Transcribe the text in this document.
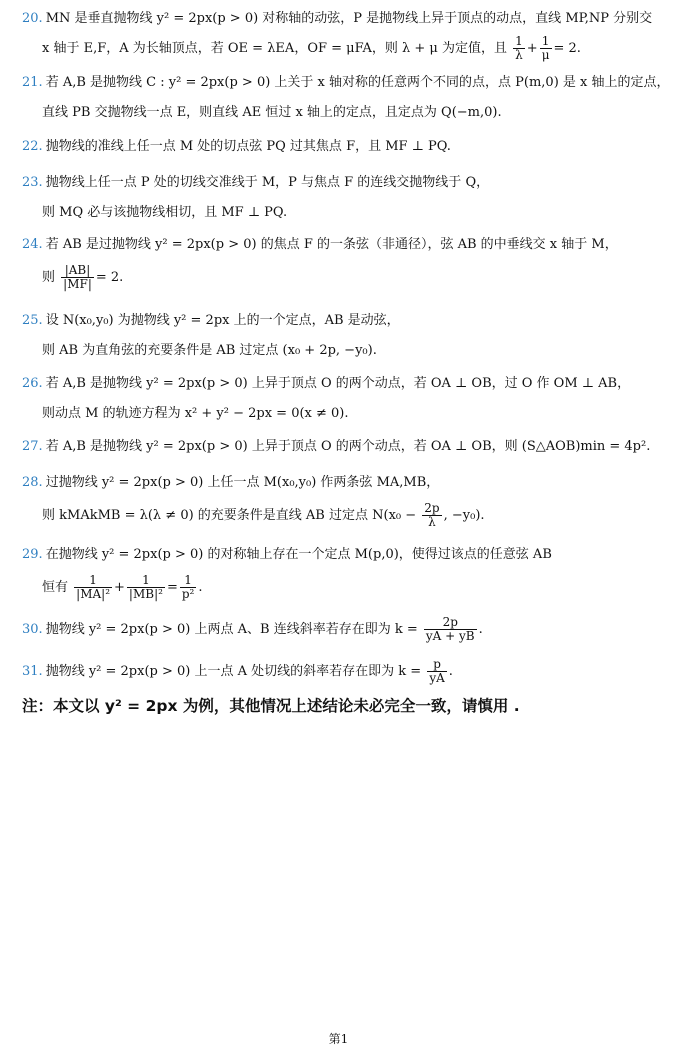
20. MN 是垂直抛物线 y² = 2px(p > 0) 对称轴的动弦，P 是抛物线上异于顶点的动点，直线 MP,NP 分别交
x 轴于 E,F，A 为长轴顶点，若 OE = λEA，OF = μFA，则 λ + μ 为定值，且 $\frac{1}{\lambda} + \frac{1}{\mu} = 2$.
21. 若 A,B 是抛物线 C : y² = 2px(p > 0) 上关于 x 轴对称的任意两个不同的点，点 P(m,0) 是 x 轴上的定点，
直线 PB 交抛物线一点 E，则直线 AE 恒过 x 轴上的定点，且定点为 Q(−m,0).
22. 抛物线的准线上任一点 M 处的切点弦 PQ 过其焦点 F，且 MF ⊥ PQ.
23. 抛物线上任一点 P 处的切线交准线于 M，P 与焦点 F 的连线交抛物线于 Q，
则 MQ 必与该抛物线相切，且 MF ⊥ PQ.
24. 若 AB 是过抛物线 y² = 2px(p > 0) 的焦点 F 的一条弦（非通径），弦 AB 的中垂线交 x 轴于 M，
则 $\frac{|AB|}{|MF|} = 2$.
25. 设 N(x₀,y₀) 为抛物线 y² = 2px 上的一个定点，AB 是动弦，
则 AB 为直角弦的充要条件是 AB 过定点 (x₀ + 2p, −y₀).
26. 若 A,B 是抛物线 y² = 2px(p > 0) 上异于顶点 O 的两个动点，若 OA ⊥ OB，过 O 作 OM ⊥ AB，
则动点 M 的轨迹方程为 x² + y² − 2px = 0(x ≠ 0).
27. 若 A,B 是抛物线 y² = 2px(p > 0) 上异于顶点 O 的两个动点，若 OA ⊥ OB，则 (S△AOB)min = 4p².
28. 过抛物线 y² = 2px(p > 0) 上任一点 M(x₀,y₀) 作两条弦 MA,MB，
则 kMAkMB = λ(λ ≠ 0) 的充要条件是直线 AB 过定点 $N(x_0 - \frac{2p}{\lambda}$ , −y₀).
29. 在抛物线 y² = 2px(p > 0) 的对称轴上存在一个定点 M(p,0)，使得过该点的任意弦 AB
恒有 $\frac{1}{\text{|MA|²}} + \frac{1}{\text{|MB|²}} = \frac{1}{\text{p²}}$ .
30. 抛物线 y² = 2px(p > 0) 上两点 A、B 连线斜率若存在即为 $k = \frac{2p}{yA + yB}$ .
31. 抛物线 y² = 2px(p > 0) 上一点 A 处切线的斜率若存在即为 $k = \frac{p}{yA}$ .
注：本文以 y² = 2px 为例，其他情况上述结论未必完全一致，请慎用 .
第1
